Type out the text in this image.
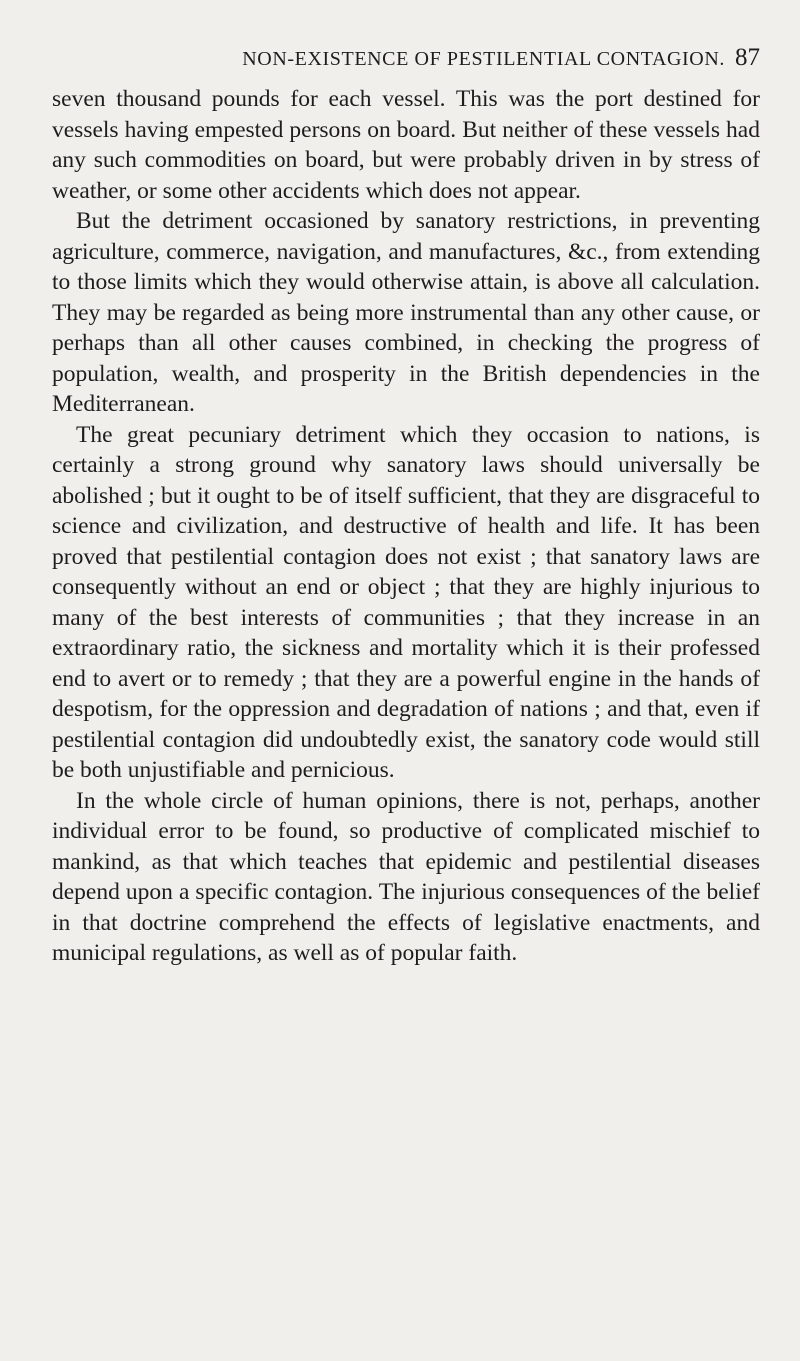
NON-EXISTENCE OF PESTILENTIAL CONTAGION. 87

seven thousand pounds for each vessel. This was the port destined for vessels having empested persons on board. But neither of these vessels had any such commodities on board, but were probably driven in by stress of weather, or some other accidents which does not appear.

But the detriment occasioned by sanatory restrictions, in preventing agriculture, commerce, navigation, and manufactures, &c., from extending to those limits which they would otherwise attain, is above all calculation. They may be regarded as being more instrumental than any other cause, or perhaps than all other causes combined, in checking the progress of population, wealth, and prosperity in the British dependencies in the Mediterranean.

The great pecuniary detriment which they occasion to nations, is certainly a strong ground why sanatory laws should universally be abolished ; but it ought to be of itself sufficient, that they are disgraceful to science and civilization, and destructive of health and life. It has been proved that pestilential contagion does not exist ; that sanatory laws are consequently without an end or object ; that they are highly injurious to many of the best interests of communities ; that they increase in an extraordinary ratio, the sickness and mortality which it is their professed end to avert or to remedy ; that they are a powerful engine in the hands of despotism, for the oppression and degradation of nations ; and that, even if pestilential contagion did undoubtedly exist, the sanatory code would still be both unjustifiable and pernicious.

In the whole circle of human opinions, there is not, perhaps, another individual error to be found, so productive of complicated mischief to mankind, as that which teaches that epidemic and pestilential diseases depend upon a specific contagion. The injurious consequences of the belief in that doctrine comprehend the effects of legislative enactments, and municipal regulations, as well as of popular faith.
